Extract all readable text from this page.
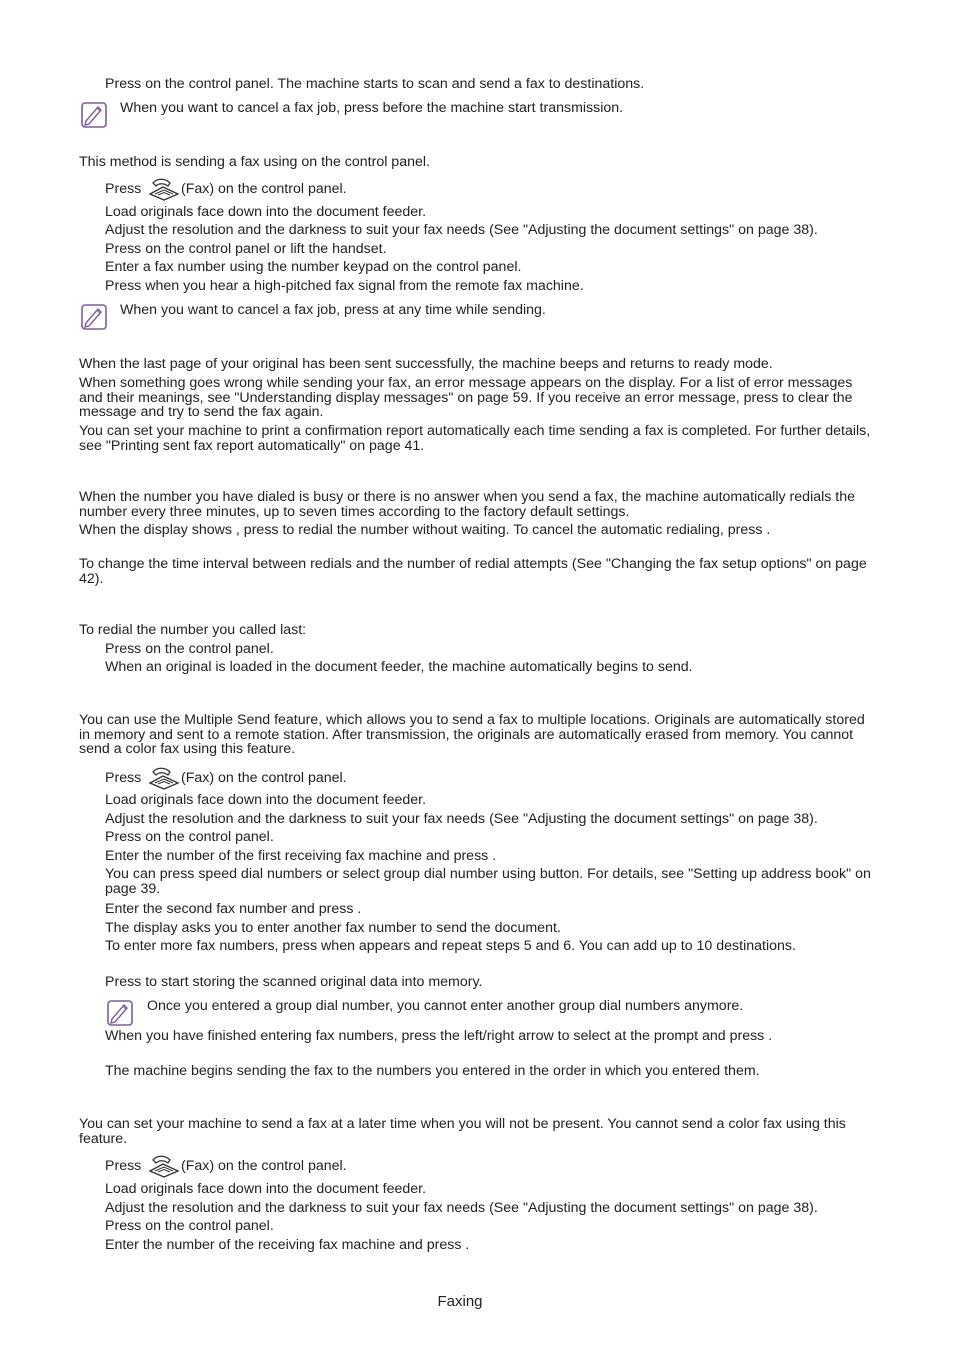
Press on the control panel. The machine starts to scan and send a fax to destinations.
When you want to cancel a fax job, press before the machine start transmission.
This method is sending a fax using on the control panel.
Press	(Fax) on the control panel.
Load originals face down into the document feeder.
Adjust the resolution and the darkness to suit your fax needs (See "Adjusting the document settings" on page 38).
Press on the control panel or lift the handset.
Enter a fax number using the number keypad on the control panel.
Press when you hear a high-pitched fax signal from the remote fax machine.
When you want to cancel a fax job, press at any time while sending.
When the last page of your original has been sent successfully, the machine beeps and returns to ready mode.
When something goes wrong while sending your fax, an error message appears on the display. For a list of error messages and their meanings, see "Understanding display messages" on page 59. If you receive an error message, press to clear the message and try to send the fax again.
You can set your machine to print a confirmation report automatically each time sending a fax is completed. For further details, see "Printing sent fax report automatically" on page 41.
When the number you have dialed is busy or there is no answer when you send a fax, the machine automatically redials the number every three minutes, up to seven times according to the factory default settings.
When the display shows , press to redial the number without waiting. To cancel the automatic redialing, press .
To change the time interval between redials and the number of redial attempts (See "Changing the fax setup options" on page 42).
To redial the number you called last:
Press on the control panel.
When an original is loaded in the document feeder, the machine automatically begins to send.
You can use the Multiple Send feature, which allows you to send a fax to multiple locations. Originals are automatically stored in memory and sent to a remote station. After transmission, the originals are automatically erased from memory. You cannot send a color fax using this feature.
Press	(Fax) on the control panel.
Load originals face down into the document feeder.
Adjust the resolution and the darkness to suit your fax needs (See "Adjusting the document settings" on page 38).
Press on the control panel.
Enter the number of the first receiving fax machine and press .
You can press speed dial numbers or select group dial number using button. For details, see "Setting up address book" on page 39.
Enter the second fax number and press .
The display asks you to enter another fax number to send the document.
To enter more fax numbers, press when appears and repeat steps 5 and 6. You can add up to 10 destinations.
Press to start storing the scanned original data into memory.
Once you entered a group dial number, you cannot enter another group dial numbers anymore.
When you have finished entering fax numbers, press the left/right arrow to select at the prompt and press .
The machine begins sending the fax to the numbers you entered in the order in which you entered them.
You can set your machine to send a fax at a later time when you will not be present. You cannot send a color fax using this feature.
Press	(Fax) on the control panel.
Load originals face down into the document feeder.
Adjust the resolution and the darkness to suit your fax needs (See "Adjusting the document settings" on page 38).
Press on the control panel.
Enter the number of the receiving fax machine and press .
Faxing
